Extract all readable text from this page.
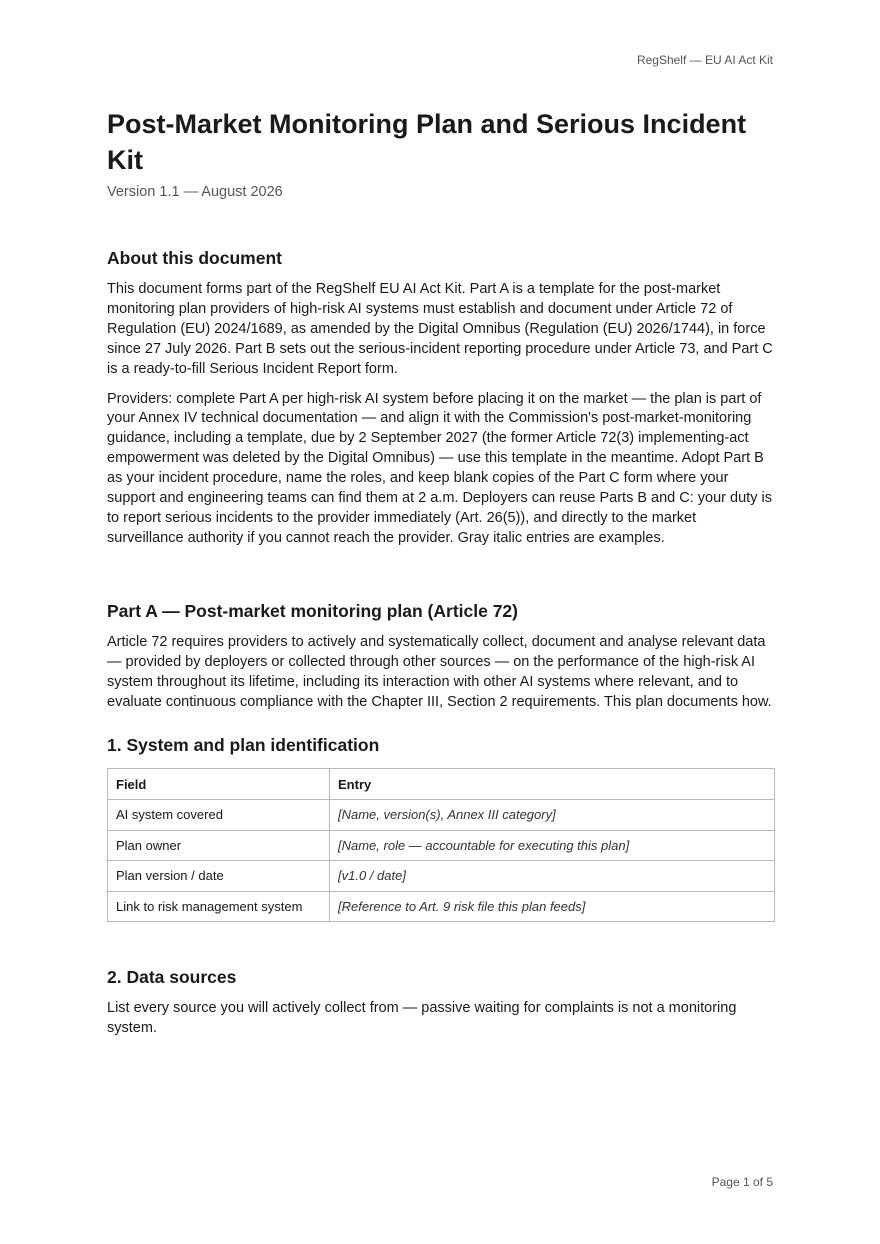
RegShelf — EU AI Act Kit
Post-Market Monitoring Plan and Serious Incident Kit
Version 1.1 — August 2026
About this document

This document forms part of the RegShelf EU AI Act Kit. Part A is a template for the post-market monitoring plan providers of high-risk AI systems must establish and document under Article 72 of Regulation (EU) 2024/1689, as amended by the Digital Omnibus (Regulation (EU) 2026/1744), in force since 27 July 2026. Part B sets out the serious-incident reporting procedure under Article 73, and Part C is a ready-to-fill Serious Incident Report form.

Providers: complete Part A per high-risk AI system before placing it on the market — the plan is part of your Annex IV technical documentation — and align it with the Commission's post-market-monitoring guidance, including a template, due by 2 September 2027 (the former Article 72(3) implementing-act empowerment was deleted by the Digital Omnibus) — use this template in the meantime. Adopt Part B as your incident procedure, name the roles, and keep blank copies of the Part C form where your support and engineering teams can find them at 2 a.m. Deployers can reuse Parts B and C: your duty is to report serious incidents to the provider immediately (Art. 26(5)), and directly to the market surveillance authority if you cannot reach the provider. Gray italic entries are examples.

Part A — Post-market monitoring plan (Article 72)

Article 72 requires providers to actively and systematically collect, document and analyse relevant data — provided by deployers or collected through other sources — on the performance of the high-risk AI system throughout its lifetime, including its interaction with other AI systems where relevant, and to evaluate continuous compliance with the Chapter III, Section 2 requirements. This plan documents how.

1. System and plan identification
Field	Entry
AI system covered	[Name, version(s), Annex III category]
Plan owner	[Name, role — accountable for executing this plan]
Plan version / date	[v1.0 / date]
Link to risk management system	[Reference to Art. 9 risk file this plan feeds]
2. Data sources

List every source you will actively collect from — passive waiting for complaints is not a monitoring system.

Page 1 of 5
